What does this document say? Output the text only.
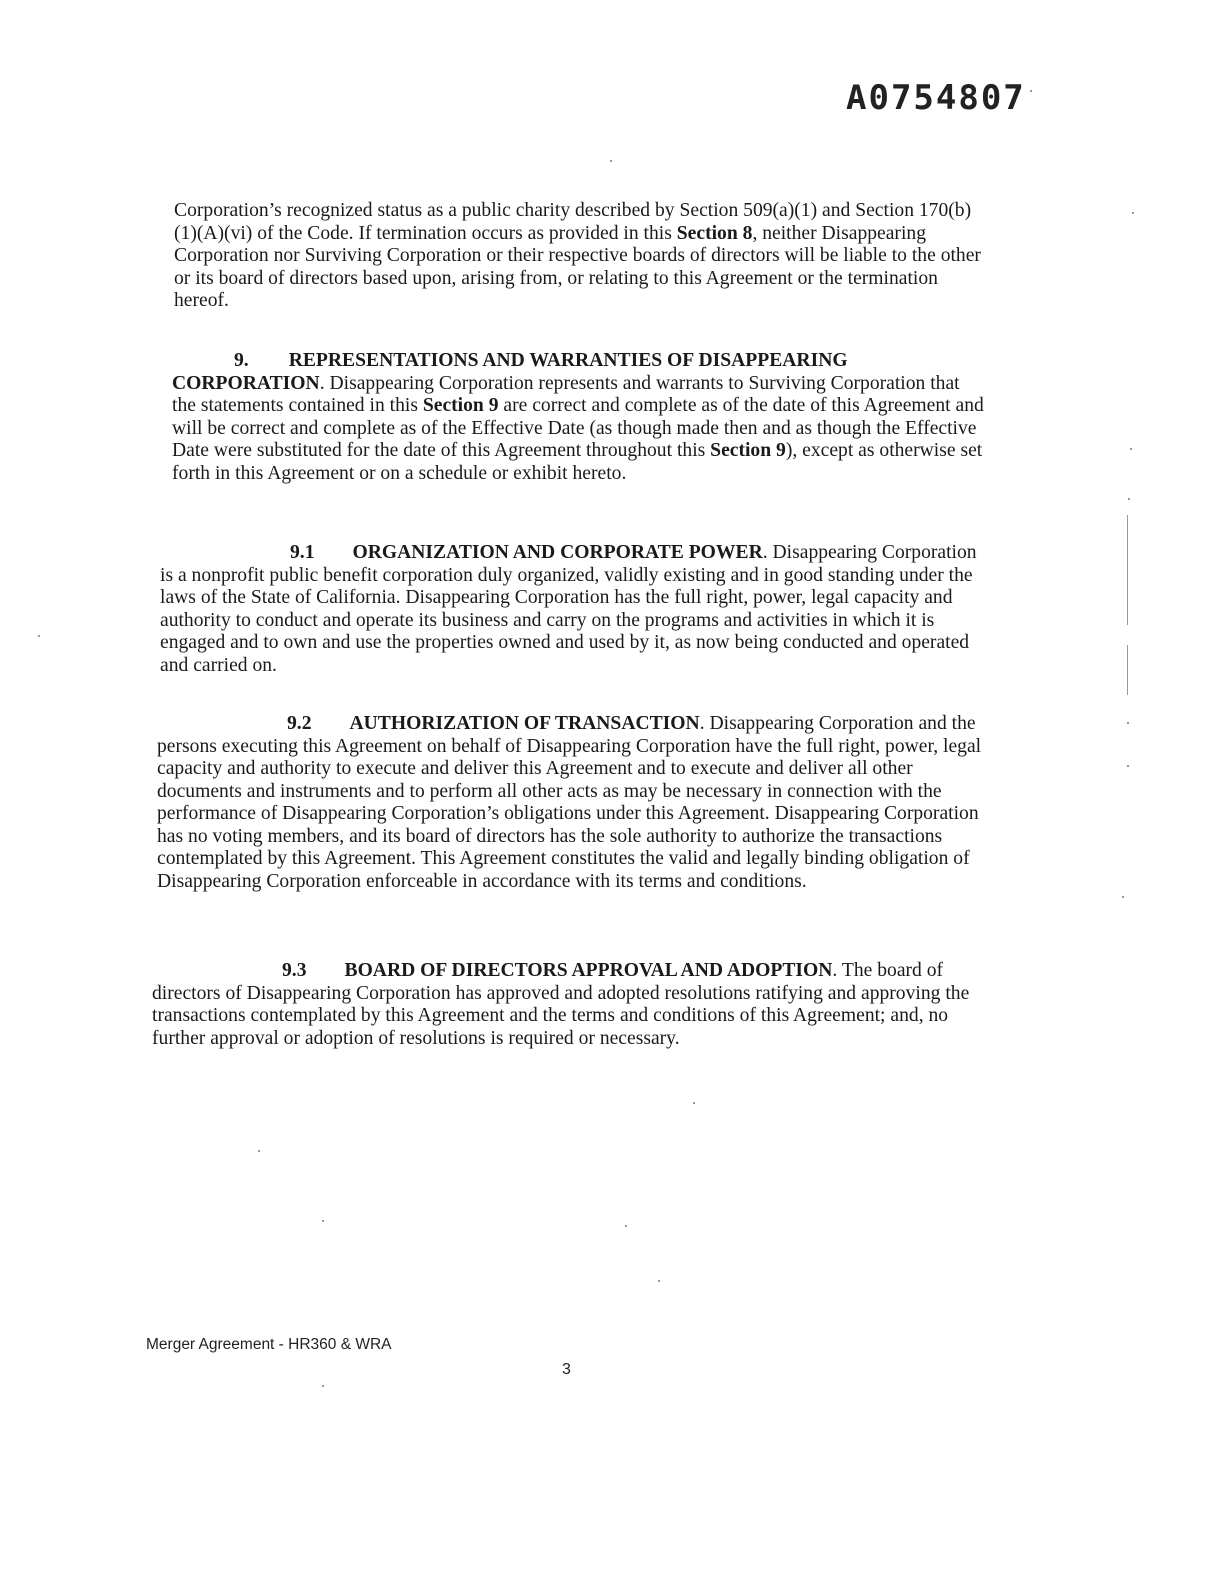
A0754807

Corporation’s recognized status as a public charity described by Section 509(a)(1) and Section 170(b)(1)(A)(vi) of the Code. If termination occurs as provided in this Section 8, neither Disappearing Corporation nor Surviving Corporation or their respective boards of directors will be liable to the other or its board of directors based upon, arising from, or relating to this Agreement or the termination hereof.

9. REPRESENTATIONS AND WARRANTIES OF DISAPPEARING
CORPORATION. Disappearing Corporation represents and warrants to Surviving Corporation that the statements contained in this Section 9 are correct and complete as of the date of this Agreement and will be correct and complete as of the Effective Date (as though made then and as though the Effective Date were substituted for the date of this Agreement throughout this Section 9), except as otherwise set forth in this Agreement or on a schedule or exhibit hereto.

9.1 ORGANIZATION AND CORPORATE POWER. Disappearing Corporation is a nonprofit public benefit corporation duly organized, validly existing and in good standing under the laws of the State of California. Disappearing Corporation has the full right, power, legal capacity and authority to conduct and operate its business and carry on the programs and activities in which it is engaged and to own and use the properties owned and used by it, as now being conducted and operated and carried on.

9.2 AUTHORIZATION OF TRANSACTION. Disappearing Corporation and the persons executing this Agreement on behalf of Disappearing Corporation have the full right, power, legal capacity and authority to execute and deliver this Agreement and to execute and deliver all other documents and instruments and to perform all other acts as may be necessary in connection with the performance of Disappearing Corporation’s obligations under this Agreement. Disappearing Corporation has no voting members, and its board of directors has the sole authority to authorize the transactions contemplated by this Agreement. This Agreement constitutes the valid and legally binding obligation of Disappearing Corporation enforceable in accordance with its terms and conditions.

9.3 BOARD OF DIRECTORS APPROVAL AND ADOPTION. The board of directors of Disappearing Corporation has approved and adopted resolutions ratifying and approving the transactions contemplated by this Agreement and the terms and conditions of this Agreement; and, no further approval or adoption of resolutions is required or necessary.

Merger Agreement - HR360 & WRA
3
